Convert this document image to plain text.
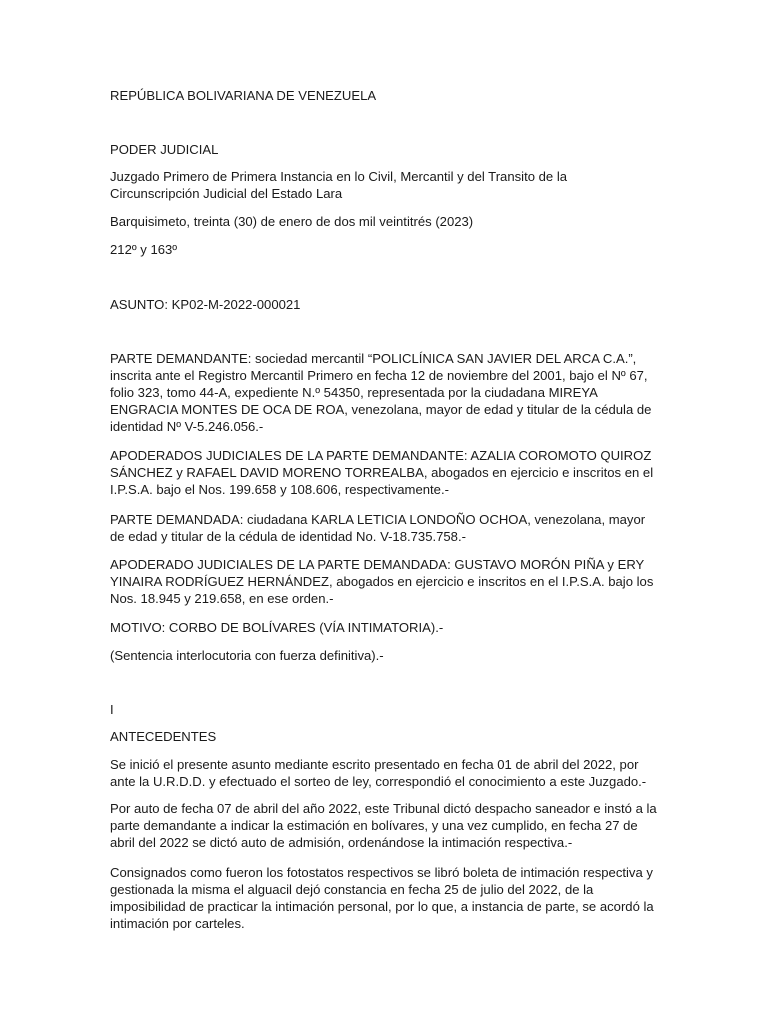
REPÚBLICA BOLIVARIANA DE VENEZUELA

PODER JUDICIAL

Juzgado Primero de Primera Instancia en lo Civil, Mercantil y del Transito de la Circunscripción Judicial del Estado Lara

Barquisimeto, treinta (30) de enero de dos mil veintitrés (2023)

212º y 163º

ASUNTO: KP02-M-2022-000021

PARTE DEMANDANTE: sociedad mercantil “POLICLÍNICA SAN JAVIER DEL ARCA C.A.”, inscrita ante el Registro Mercantil Primero en fecha 12 de noviembre del 2001, bajo el Nº 67, folio 323, tomo 44-A, expediente N.º 54350, representada por la ciudadana MIREYA ENGRACIA MONTES DE OCA DE ROA, venezolana, mayor de edad y titular de la cédula de identidad Nº V-5.246.056.-

APODERADOS JUDICIALES DE LA PARTE DEMANDANTE: AZALIA COROMOTO QUIROZ SÁNCHEZ y RAFAEL DAVID MORENO TORREALBA, abogados en ejercicio e inscritos en el I.P.S.A. bajo el Nos. 199.658 y 108.606, respectivamente.-

PARTE DEMANDADA: ciudadana KARLA LETICIA LONDOÑO OCHOA, venezolana, mayor de edad y titular de la cédula de identidad No. V-18.735.758.-

APODERADO JUDICIALES DE LA PARTE DEMANDADA: GUSTAVO MORÓN PIÑA y ERY YINAIRA RODRÍGUEZ HERNÁNDEZ, abogados en ejercicio e inscritos en el I.P.S.A. bajo los Nos. 18.945 y 219.658, en ese orden.-

MOTIVO: CORBO DE BOLÍVARES (VÍA INTIMATORIA).-

(Sentencia interlocutoria con fuerza definitiva).-

I

ANTECEDENTES

Se inició el presente asunto mediante escrito presentado en fecha 01 de abril del 2022, por ante la U.R.D.D. y efectuado el sorteo de ley, correspondió el conocimiento a este Juzgado.-

Por auto de fecha 07 de abril del año 2022, este Tribunal dictó despacho saneador e instó a la parte demandante a indicar la estimación en bolívares, y una vez cumplido, en fecha 27 de abril del 2022 se dictó auto de admisión, ordenándose la intimación respectiva.-

Consignados como fueron los fotostatos respectivos se libró boleta de intimación respectiva y gestionada la misma el alguacil dejó constancia en fecha 25 de julio del 2022, de la imposibilidad de practicar la intimación personal, por lo que, a instancia de parte, se acordó la intimación por carteles.
